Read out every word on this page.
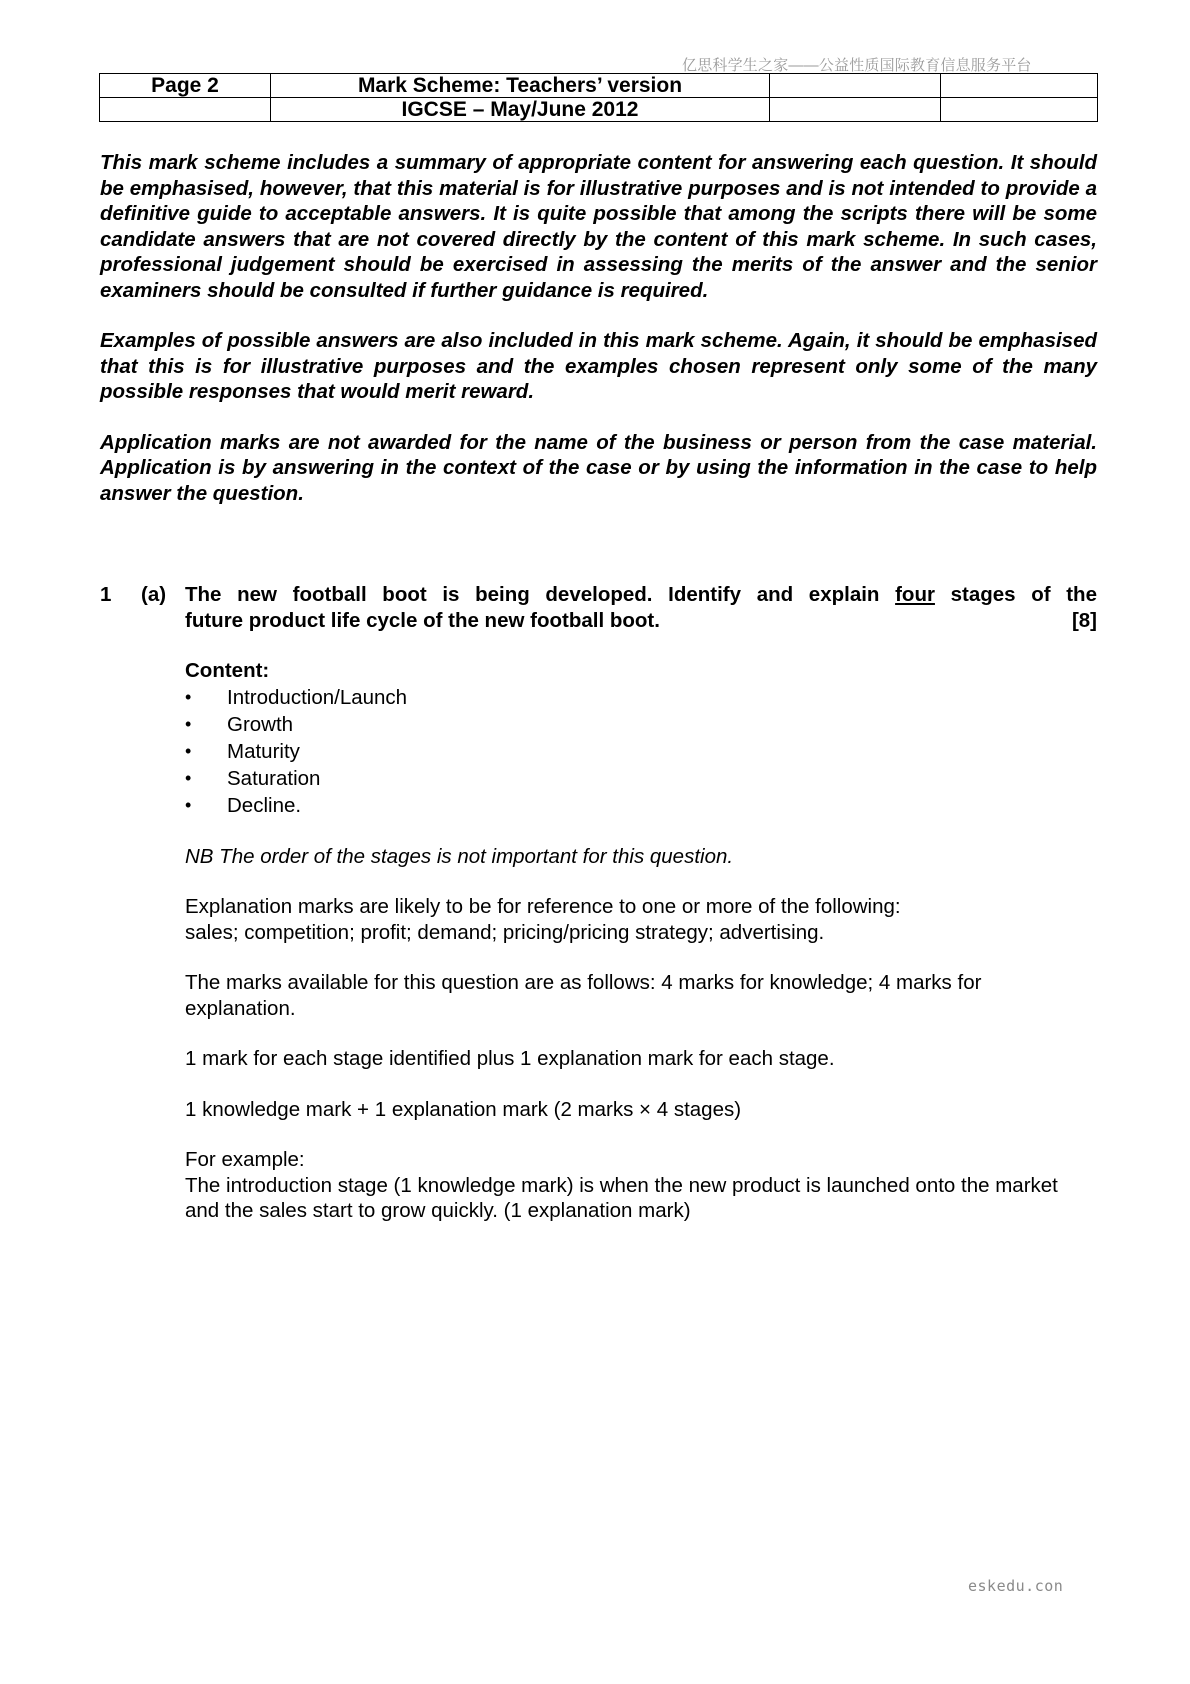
亿思科学生之家——公益性质国际教育信息服务平台
Page 2	Mark Scheme: Teachers’ version		
	IGCSE – May/June 2012		

This mark scheme includes a summary of appropriate content for answering each question. It should be emphasised, however, that this material is for illustrative purposes and is not intended to provide a definitive guide to acceptable answers. It is quite possible that among the scripts there will be some candidate answers that are not covered directly by the content of this mark scheme. In such cases, professional judgement should be exercised in assessing the merits of the answer and the senior examiners should be consulted if further guidance is required.

Examples of possible answers are also included in this mark scheme. Again, it should be emphasised that this is for illustrative purposes and the examples chosen represent only some of the many possible responses that would merit reward.

Application marks are not awarded for the name of the business or person from the case material. Application is by answering in the context of the case or by using the information in the case to help answer the question.

1 (a) The new football boot is being developed. Identify and explain four stages of the
future product life cycle of the new football boot.	[8]

Content:

• Introduction/Launch
• Growth
• Maturity
• Saturation
• Decline.

NB The order of the stages is not important for this question.

Explanation marks are likely to be for reference to one or more of the following:
sales; competition; profit; demand; pricing/pricing strategy; advertising.

The marks available for this question are as follows: 4 marks for knowledge; 4 marks for explanation.

1 mark for each stage identified plus 1 explanation mark for each stage.

1 knowledge mark + 1 explanation mark (2 marks × 4 stages)

For example:
The introduction stage (1 knowledge mark) is when the new product is launched onto the market and the sales start to grow quickly. (1 explanation mark)
eskedu.con
